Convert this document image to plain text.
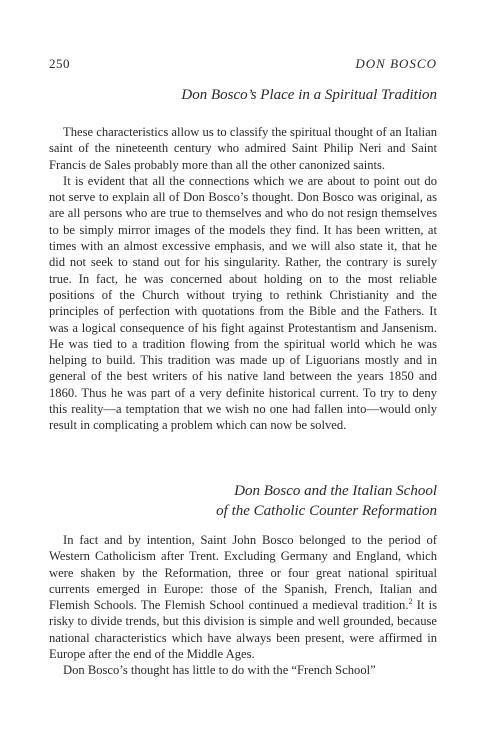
250	DON BOSCO
Don Bosco’s Place in a Spiritual Tradition

These characteristics allow us to classify the spiritual thought of an Italian saint of the nineteenth century who admired Saint Philip Neri and Saint Francis de Sales probably more than all the other canonized saints.

It is evident that all the connections which we are about to point out do not serve to explain all of Don Bosco’s thought. Don Bosco was original, as are all persons who are true to themselves and who do not resign themselves to be simply mirror images of the models they find. It has been written, at times with an almost excessive emphasis, and we will also state it, that he did not seek to stand out for his singularity. Rather, the contrary is surely true. In fact, he was concerned about holding on to the most reliable positions of the Church without trying to rethink Christianity and the principles of perfection with quotations from the Bible and the Fathers. It was a logical consequence of his fight against Protestantism and Jansenism. He was tied to a tradition flowing from the spiritual world which he was helping to build. This tradition was made up of Liguorians mostly and in general of the best writers of his native land between the years 1850 and 1860. Thus he was part of a very definite historical current. To try to deny this reality—a temptation that we wish no one had fallen into—would only result in complicating a problem which can now be solved.

Don Bosco and the Italian School
of the Catholic Counter Reformation

In fact and by intention, Saint John Bosco belonged to the period of Western Catholicism after Trent. Excluding Germany and England, which were shaken by the Reformation, three or four great national spiritual currents emerged in Europe: those of the Spanish, French, Italian and Flemish Schools. The Flemish School continued a medieval tradition.$^2$ It is risky to divide trends, but this division is simple and well grounded, because national characteristics which have always been present, were affirmed in Europe after the end of the Middle Ages.

Don Bosco’s thought has little to do with the “French School”
